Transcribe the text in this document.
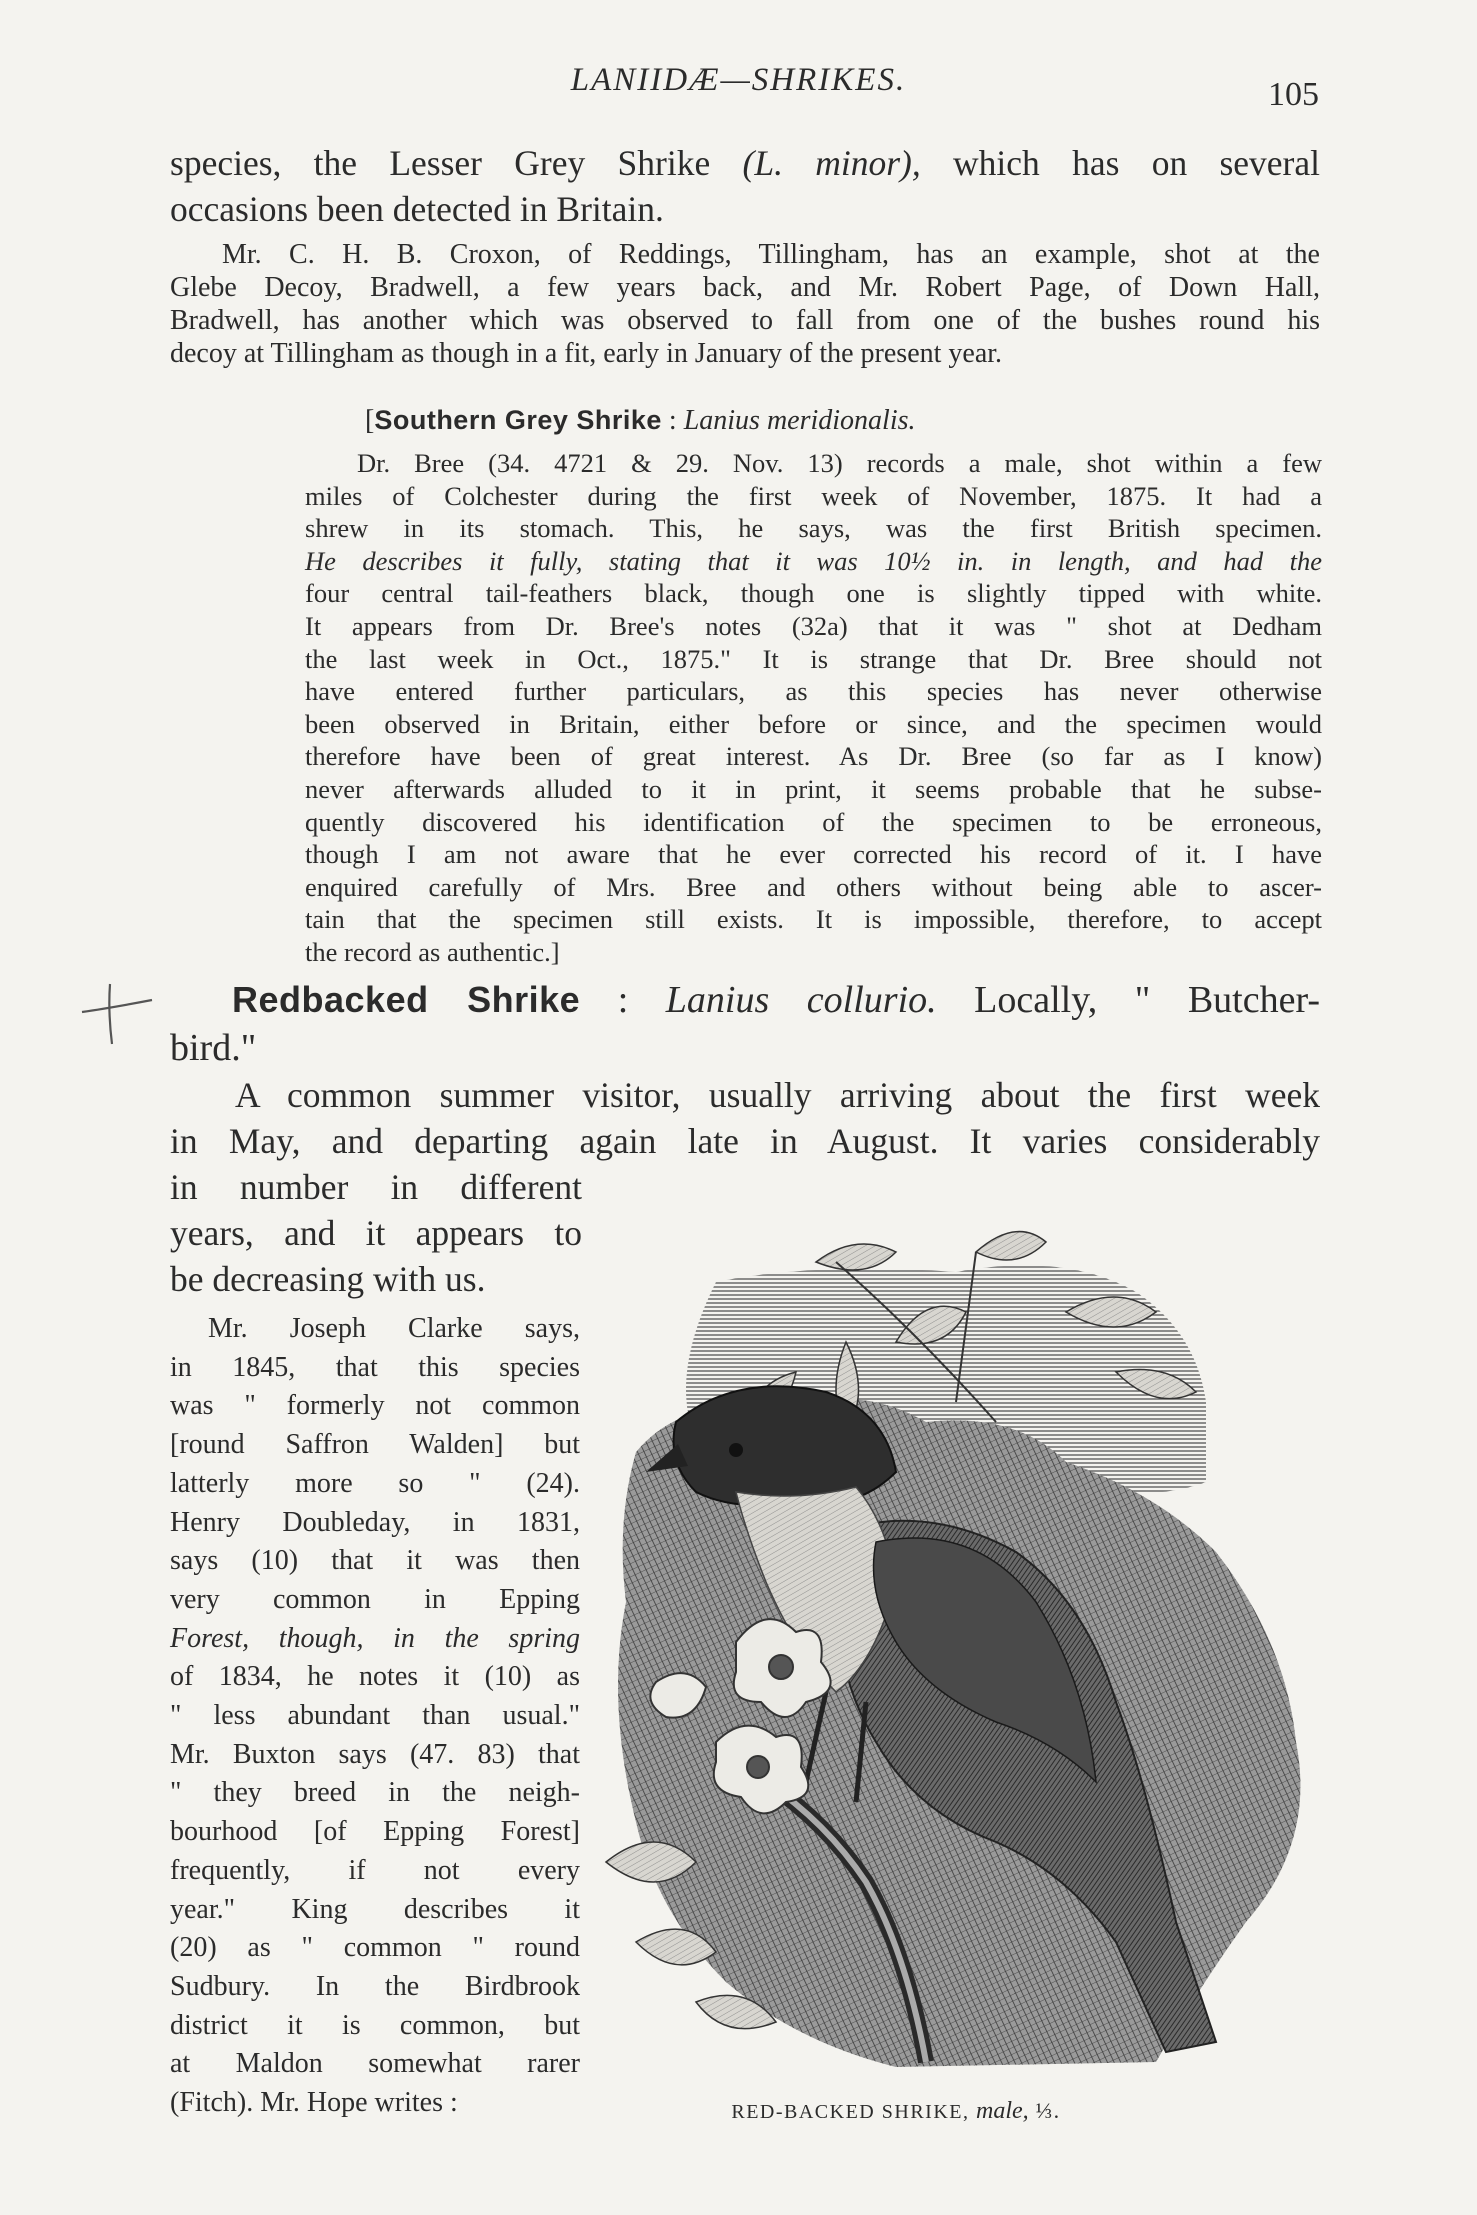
LANIIDÆ—SHRIKES.	105
species, the Lesser Grey Shrike (L. minor), which has on several
occasions been detected in Britain.
Mr. C. H. B. Croxon, of Reddings, Tillingham, has an example, shot at the
Glebe Decoy, Bradwell, a few years back, and Mr. Robert Page, of Down Hall,
Bradwell, has another which was observed to fall from one of the bushes round his
decoy at Tillingham as though in a fit, early in January of the present year.
[Southern Grey Shrike : Lanius meridionalis.
Dr. Bree (34. 4721 & 29. Nov. 13) records a male, shot within a few
miles of Colchester during the first week of November, 1875. It had a
shrew in its stomach. This, he says, was the first British specimen.
He describes it fully, stating that it was 10½ in. in length, and had the
four central tail-feathers black, though one is slightly tipped with white.
It appears from Dr. Bree's notes (32a) that it was " shot at Dedham
the last week in Oct., 1875." It is strange that Dr. Bree should not
have entered further particulars, as this species has never otherwise
been observed in Britain, either before or since, and the specimen would
therefore have been of great interest. As Dr. Bree (so far as I know)
never afterwards alluded to it in print, it seems probable that he subse-
quently discovered his identification of the specimen to be erroneous,
though I am not aware that he ever corrected his record of it. I have
enquired carefully of Mrs. Bree and others without being able to ascer-
tain that the specimen still exists. It is impossible, therefore, to accept
the record as authentic.]
Redbacked Shrike : Lanius collurio. Locally, " Butcher-
bird."
A common summer visitor, usually arriving about the first week
in May, and departing again late in August. It varies considerably
in number in different
years, and it appears to
be decreasing with us.
Mr. Joseph Clarke says,
in 1845, that this species
was " formerly not common
[round Saffron Walden] but
latterly more so " (24).
Henry Doubleday, in 1831,
says (10) that it was then
very common in Epping
Forest, though, in the spring
of 1834, he notes it (10) as
" less abundant than usual."
Mr. Buxton says (47. 83) that
" they breed in the neigh-
bourhood [of Epping Forest]
frequently, if not every
year." King describes it
(20) as " common " round
Sudbury. In the Birdbrook
district it is common, but
at Maldon somewhat rarer
(Fitch). Mr. Hope writes :	RED-BACKED SHRIKE, male, ⅓.
